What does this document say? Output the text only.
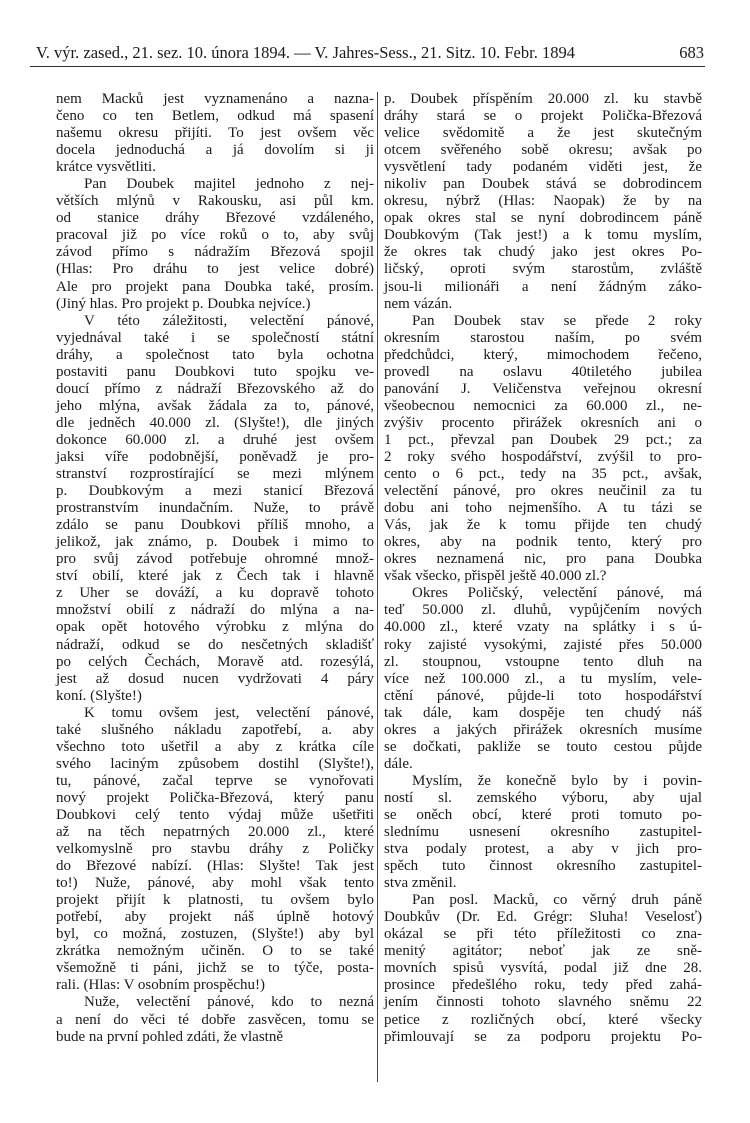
V. výr. zased., 21. sez. 10. února 1894. — V. Jahres-Sess., 21. Sitz. 10. Febr. 1894	683
nem Macků jest vyznamenáno a nazna-
čeno co ten Betlem, odkud má spasení
našemu okresu přijíti. To jest ovšem věc
docela jednoduchá a já dovolím si ji
krátce vysvětliti.
Pan Doubek majitel jednoho z nej-
větších mlýnů v Rakousku, asi půl km.
od stanice dráhy Březové vzdáleného,
pracoval již po více roků o to, aby svůj
závod přímo s nádražím Březová spojil
(Hlas: Pro dráhu to jest velice dobré)
Ale pro projekt pana Doubka také, prosím.
(Jiný hlas. Pro projekt p. Doubka nejvíce.)
V této záležitosti, velectění pánové,
vyjednával také i se společností státní
dráhy, a společnost tato byla ochotna
postaviti panu Doubkovi tuto spojku ve-
doucí přímo z nádraží Březovského až do
jeho mlýna, avšak žádala za to, pánové,
dle jedněch 40.000 zl. (Slyšte!), dle jiných
dokonce 60.000 zl. a druhé jest ovšem
jaksi víře podobnější, poněvadž je pro-
stranství rozprostírající se mezi mlýnem
p. Doubkovým a mezi stanicí Březová
prostranstvím inundačním. Nuže, to právě
zdálo se panu Doubkovi příliš mnoho, a
jelikož, jak známo, p. Doubek i mimo to
pro svůj závod potřebuje ohromné množ-
ství obilí, které jak z Čech tak i hlavně
z Uher se dováží, a ku dopravě tohoto
množství obilí z nádraží do mlýna a na-
opak opět hotového výrobku z mlýna do
nádraží, odkud se do nesčetných skladišť
po celých Čechách, Moravě atd. rozesýlá,
jest až dosud nucen vydržovati 4 páry
koní. (Slyšte!)
K tomu ovšem jest, velectění pánové,
také slušného nákladu zapotřebí, a. aby
všechno toto ušetřil a aby z krátka cíle
svého laciným způsobem dostihl (Slyšte!),
tu, pánové, začal teprve se vynořovati
nový projekt Polička-Březová, který panu
Doubkovi celý tento výdaj může ušetřiti
až na těch nepatrných 20.000 zl., které
velkomyslně pro stavbu dráhy z Poličky
do Březové nabízí. (Hlas: Slyšte! Tak jest
to!) Nuže, pánové, aby mohl však tento
projekt přijít k platnosti, tu ovšem bylo
potřebí, aby projekt náš úplně hotový
byl, co možná, zostuzen, (Slyšte!) aby byl
zkrátka nemožným učiněn. O to se také
všemožně ti páni, jichž se to týče, posta-
rali. (Hlas: V osobním prospěchu!)
Nuže, velectění pánové, kdo to nezná
a není do věci té dobře zasvěcen, tomu se
bude na první pohled zdáti, že vlastně
p. Doubek příspěním 20.000 zl. ku stavbě
dráhy stará se o projekt Polička-Březová
velice svědomitě a že jest skutečným
otcem svěřeného sobě okresu; avšak po
vysvětlení tady podaném viděti jest, že
nikoliv pan Doubek stává se dobrodincem
okresu, nýbrž (Hlas: Naopak) že by na
opak okres stal se nyní dobrodincem páně
Doubkovým (Tak jest!) a k tomu myslím,
že okres tak chudý jako jest okres Po-
ličský, oproti svým starostům, zvláště
jsou-li milionáři a není žádným záko-
nem vázán.
Pan Doubek stav se přede 2 roky
okresním starostou naším, po svém
předchůdci, který, mimochodem řečeno,
provedl na oslavu 40tiletého jubilea
panování J. Veličenstva veřejnou okresní
všeobecnou nemocnici za 60.000 zl., ne-
zvýšiv procento přirážek okresních ani o
1 pct., převzal pan Doubek 29 pct.; za
2 roky svého hospodářství, zvýšil to pro-
cento o 6 pct., tedy na 35 pct., avšak,
velectění pánové, pro okres neučinil za tu
dobu ani toho nejmenšího. A tu tázi se
Vás, jak že k tomu přijde ten chudý
okres, aby na podnik tento, který pro
okres neznamená nic, pro pana Doubka
však všecko, přispěl ještě 40.000 zl.?
Okres Poličský, velectění pánové, má
teď 50.000 zl. dluhů, vypůjčením nových
40.000 zl., které vzaty na splátky i s ú-
roky zajisté vysokými, zajisté přes 50.000
zl. stoupnou, vstoupne tento dluh na
více než 100.000 zl., a tu myslím, vele-
ctění pánové, půjde-li toto hospodářství
tak dále, kam dospěje ten chudý náš
okres a jakých přirážek okresních musíme
se dočkati, pakliže se touto cestou půjde
dále.
Myslím, že konečně bylo by i povin-
ností sl. zemského výboru, aby ujal
se oněch obcí, které proti tomuto po-
slednímu usnesení okresního zastupitel-
stva podaly protest, a aby v jich pro-
spěch tuto činnost okresního zastupitel-
stva změnil.
Pan posl. Macků, co věrný druh páně
Doubkův (Dr. Ed. Grégr: Sluha! Veselosť)
okázal se při této příležitosti co zna-
menitý agitátor; neboť jak ze sně-
movních spisů vysvítá, podal již dne 28.
prosince předešlého roku, tedy před zahá-
jením činnosti tohoto slavného sněmu 22
petice z rozličných obcí, které všecky
přimlouvají se za podporu projektu Po-
